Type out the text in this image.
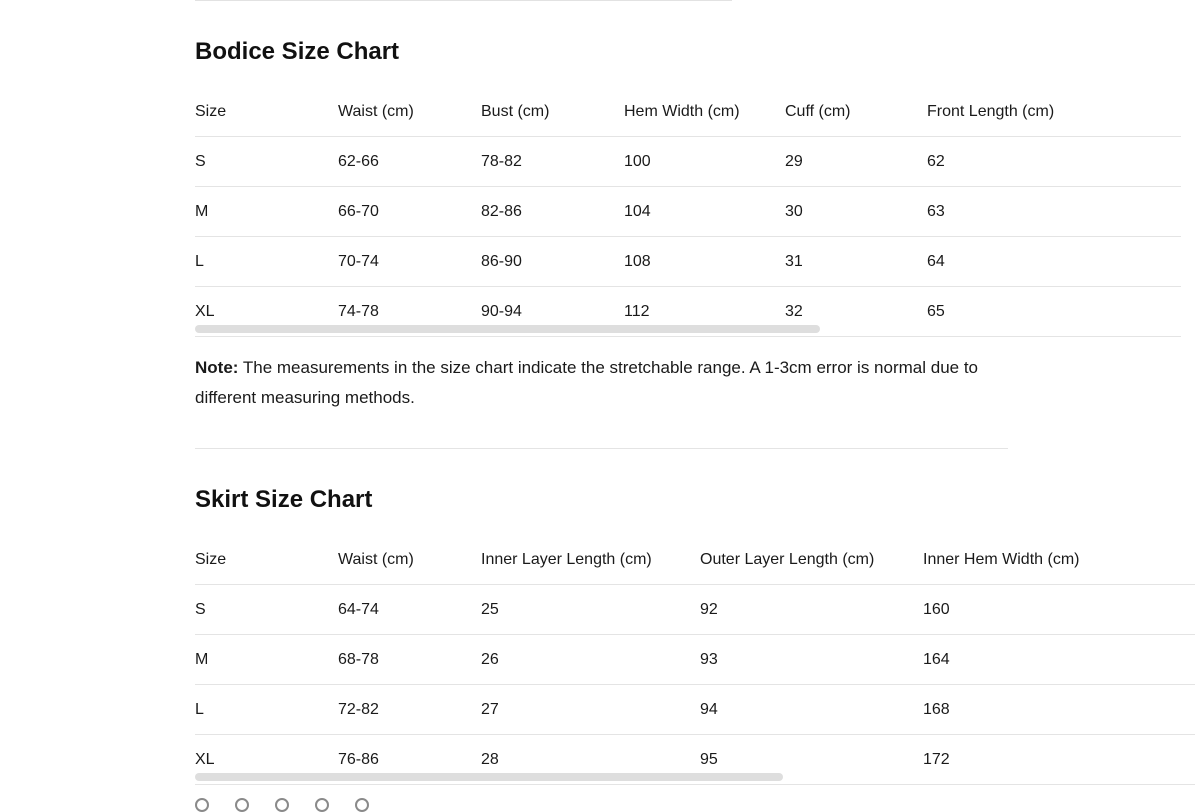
Bodice Size Chart
Size	Waist (cm)	Bust (cm)	Hem Width (cm)	Cuff (cm)	Front Length (cm)
S	62-66	78-82	100	29	62
M	66-70	82-86	104	30	63
L	70-74	86-90	108	31	64
XL	74-78	90-94	112	32	65

Note: The measurements in the size chart indicate the stretchable range. A 1-3cm error is normal due to different measuring methods.

Skirt Size Chart
Size	Waist (cm)	Inner Layer Length (cm)	Outer Layer Length (cm)	Inner Hem Width (cm)
S	64-74	25	92	160
M	68-78	26	93	164
L	72-82	27	94	168
XL	76-86	28	95	172
